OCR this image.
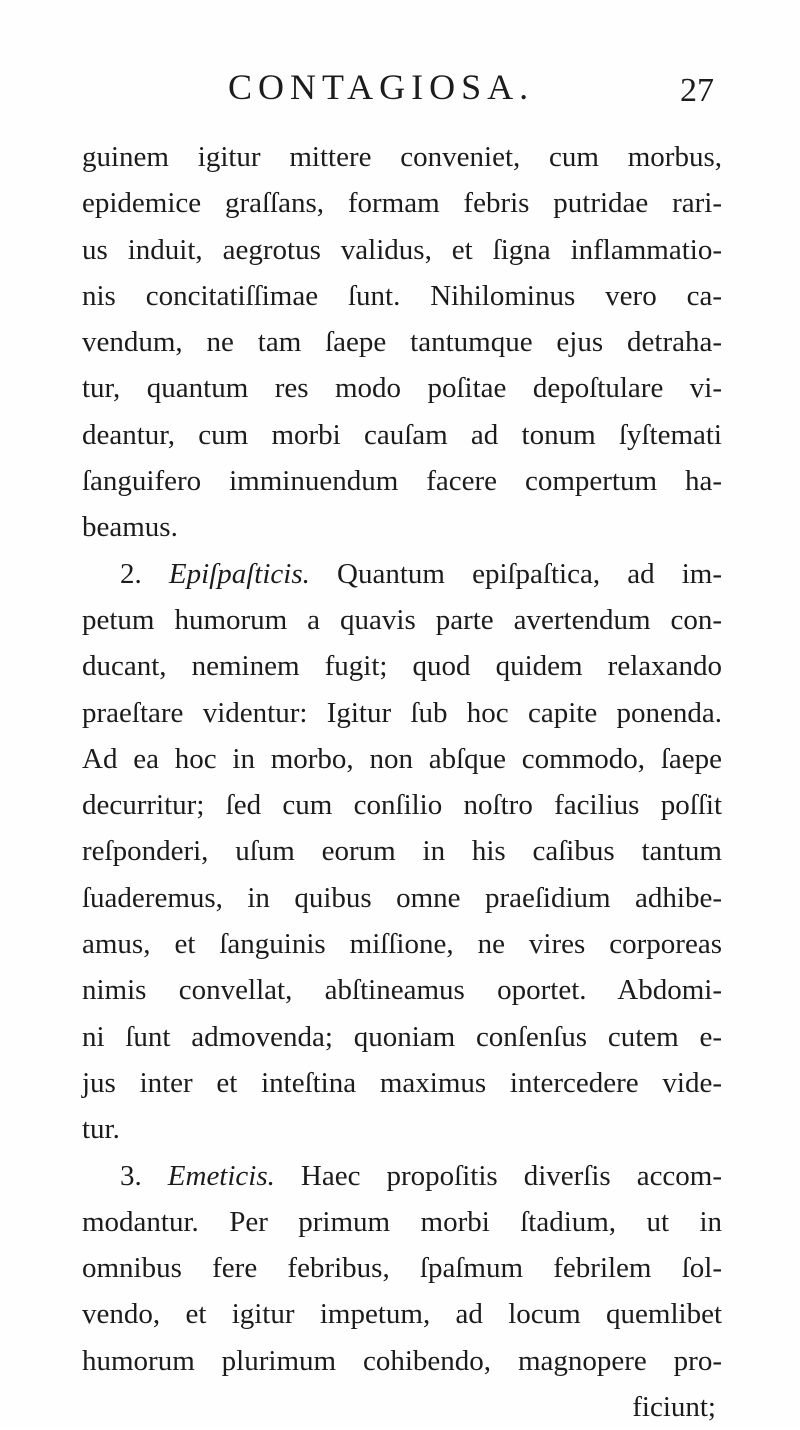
CONTAGIOSA.	27
guinem igitur mittere conveniet, cum morbus,
epidemice graſſans, formam febris putridae rari-
us induit, aegrotus validus, et ſigna inflammatio-
nis concitatiſſimae ſunt. Nihilominus vero ca-
vendum, ne tam ſaepe tantumque ejus detraha-
tur, quantum res modo poſitae depoſtulare vi-
deantur, cum morbi cauſam ad tonum ſyſtemati
ſanguifero imminuendum facere compertum ha-
beamus.
2. Epiſpaſticis. Quantum epiſpaſtica, ad im-
petum humorum a quavis parte avertendum con-
ducant, neminem fugit; quod quidem relaxando
praeſtare videntur: Igitur ſub hoc capite ponenda.
Ad ea hoc in morbo, non abſque commodo, ſaepe
decurritur; ſed cum conſilio noſtro facilius poſſit
reſponderi, uſum eorum in his caſibus tantum
ſuaderemus, in quibus omne praeſidium adhibe-
amus, et ſanguinis miſſione, ne vires corporeas
nimis convellat, abſtineamus oportet. Abdomi-
ni ſunt admovenda; quoniam conſenſus cutem e-
jus inter et inteſtina maximus intercedere vide-
tur.
3. Emeticis. Haec propoſitis diverſis accom-
modantur. Per primum morbi ſtadium, ut in
omnibus fere febribus, ſpaſmum febrilem ſol-
vendo, et igitur impetum, ad locum quemlibet
humorum plurimum cohibendo, magnopere pro-
ficiunt;
